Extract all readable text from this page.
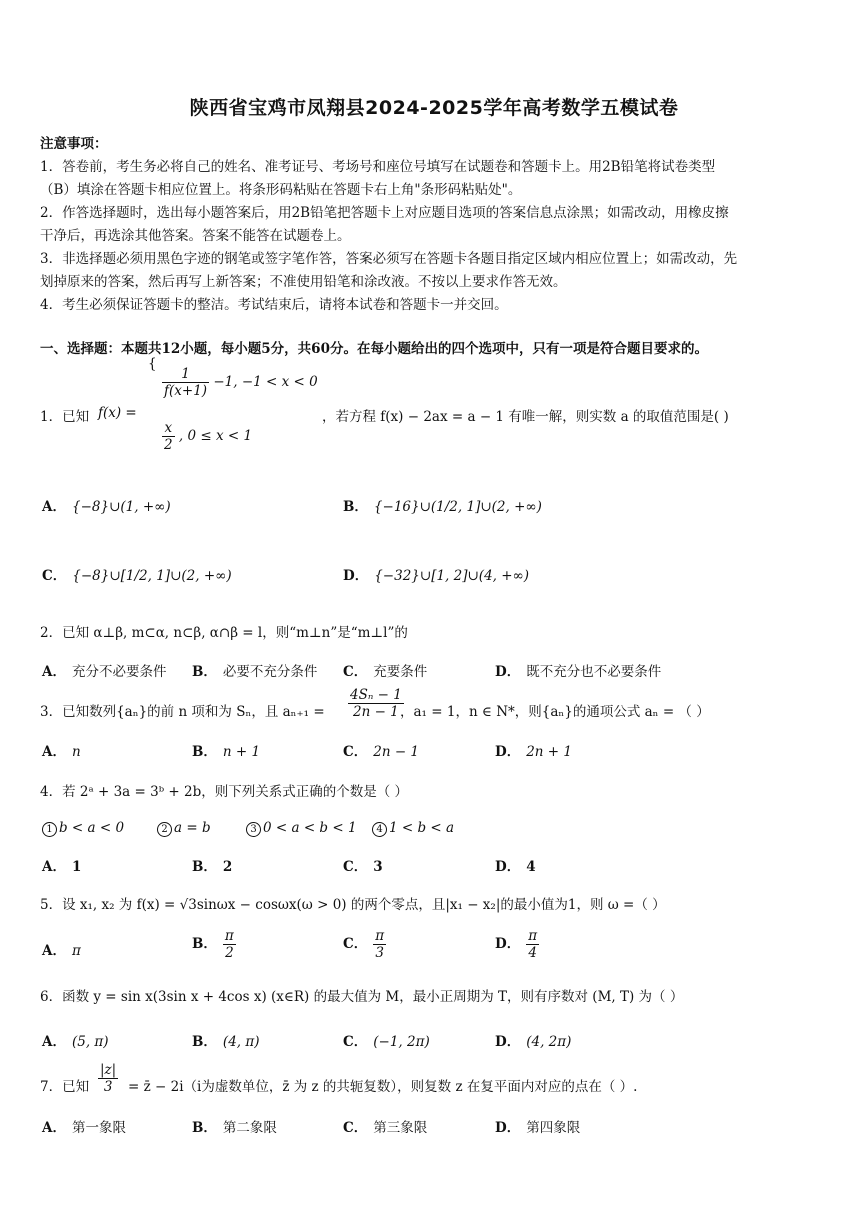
陕西省宝鸡市凤翔县2024-2025学年高考数学五模试卷
注意事项：
1．答卷前，考生务必将自己的姓名、准考证号、考场号和座位号填写在试题卷和答题卡上。用2B铅笔将试卷类型
（B）填涂在答题卡相应位置上。将条形码粘贴在答题卡右上角"条形码粘贴处"。
2．作答选择题时，选出每小题答案后，用2B铅笔把答题卡上对应题目选项的答案信息点涂黑；如需改动，用橡皮擦
干净后，再选涂其他答案。答案不能答在试题卷上。
3．非选择题必须用黑色字迹的钢笔或签字笔作答，答案必须写在答题卡各题目指定区域内相应位置上；如需改动，先
划掉原来的答案，然后再写上新答案；不准使用铅笔和涂改液。不按以上要求作答无效。
4．考生必须保证答题卡的整洁。考试结束后，请将本试卷和答题卡一并交回。
一、选择题：本题共12小题，每小题5分，共60分。在每小题给出的四个选项中，只有一项是符合题目要求的。
1．已知 f(x) =
{
$\frac{1}{f(x+1)} -1$, −1 < x < 0
$\frac{x}{2}$ , 0 ≤ x < 1
，若方程 f(x) − 2ax = a − 1 有唯一解，则实数 a 的取值范围是( )
A． {−8}∪(1, +∞)	B． {−16}∪(1/2, 1]∪(2, +∞)
C． {−8}∪[1/2, 1]∪(2, +∞)	D． {−32}∪[1, 2]∪(4, +∞)
2．已知 α⊥β, m⊂α, n⊂β, α∩β = l，则“m⊥n”是“m⊥l”的
A． 充分不必要条件 B． 必要不充分条件 C． 充要条件	D． 既不充分也不必要条件
3．已知数列{aₙ}的前 n 项和为 Sₙ，且 $a_{n+1} = \frac{\text{4Sₙ − 1}}{2n - 1}$
，a₁ = 1，n ∈ N*，则{aₙ}的通项公式 aₙ = （ ）
A． n	B． n + 1	C． 2n − 1	D． 2n + 1
4．若 2ᵃ + 3a = 3ᵇ + 2b，则下列关系式正确的个数是（ ）
1 b < a < 0	2 a = b	3 0 < a < b < 1	4 1 < b < a
A． 1	B． 2	C． 3	D． 4
5．设 x₁, x₂ 为 f(x) = √3sinωx − cosωx(ω > 0) 的两个零点，且|x₁ − x₂|的最小值为1，则 ω =（ ）
A． π	B． $\frac{\pi}{2}$	C． $\frac{\pi}{3}$	D． $\frac{\pi}{4}$
6．函数 y = sin x(3sin x + 4cos x) (x∈R) 的最大值为 M，最小正周期为 T，则有序数对 (M, T) 为（ ）
A． (5, π)	B． (4, π)	C． (−1, 2π)	D． (4, 2π)
7．已知 $\frac{|z|}{3}$ = z̄ − 2i（i为虚数单位，z̄ 为 z 的共轭复数），则复数 z 在复平面内对应的点在（ ）.
A． 第一象限	B． 第二象限	C． 第三象限	D． 第四象限
